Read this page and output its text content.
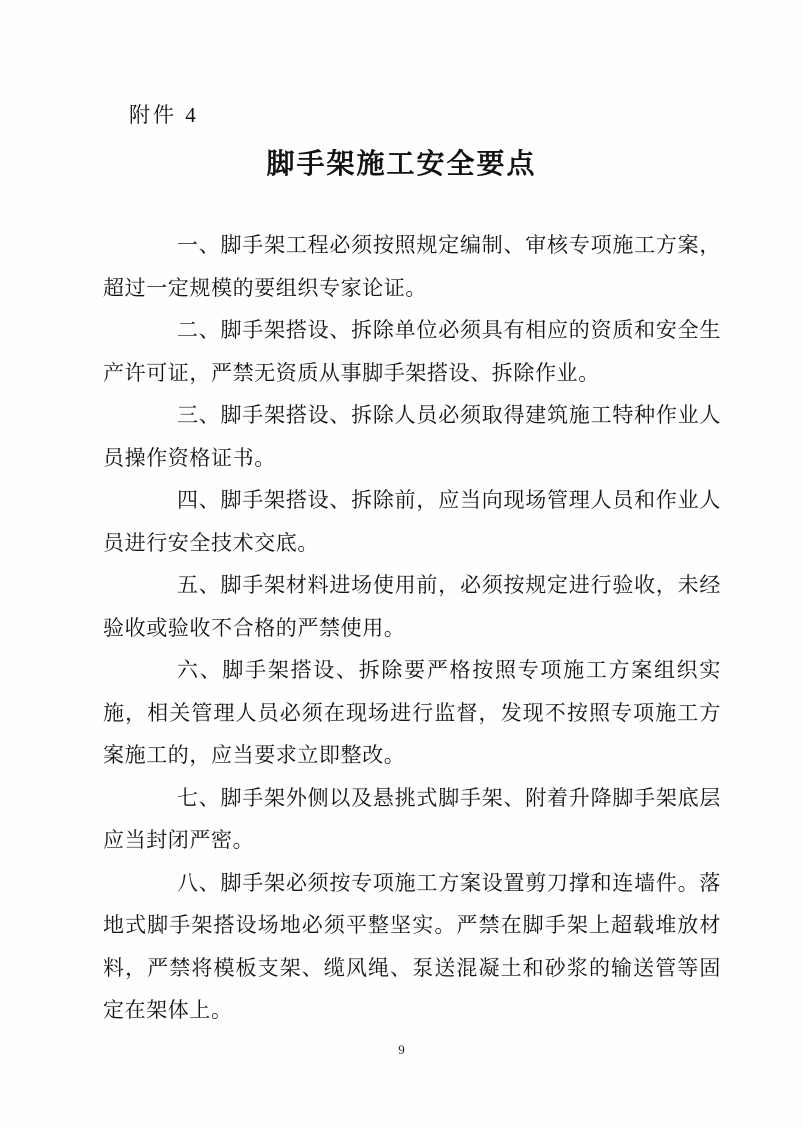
附件 4
脚手架施工安全要点

一、脚手架工程必须按照规定编制、审核专项施工方案，超过一定规模的要组织专家论证。

二、脚手架搭设、拆除单位必须具有相应的资质和安全生产许可证，严禁无资质从事脚手架搭设、拆除作业。

三、脚手架搭设、拆除人员必须取得建筑施工特种作业人员操作资格证书。

四、脚手架搭设、拆除前，应当向现场管理人员和作业人员进行安全技术交底。

五、脚手架材料进场使用前，必须按规定进行验收，未经验收或验收不合格的严禁使用。

六、脚手架搭设、拆除要严格按照专项施工方案组织实施，相关管理人员必须在现场进行监督，发现不按照专项施工方案施工的，应当要求立即整改。

七、脚手架外侧以及悬挑式脚手架、附着升降脚手架底层应当封闭严密。

八、脚手架必须按专项施工方案设置剪刀撑和连墙件。落地式脚手架搭设场地必须平整坚实。严禁在脚手架上超载堆放材料，严禁将模板支架、缆风绳、泵送混凝土和砂浆的输送管等固定在架体上。

9
